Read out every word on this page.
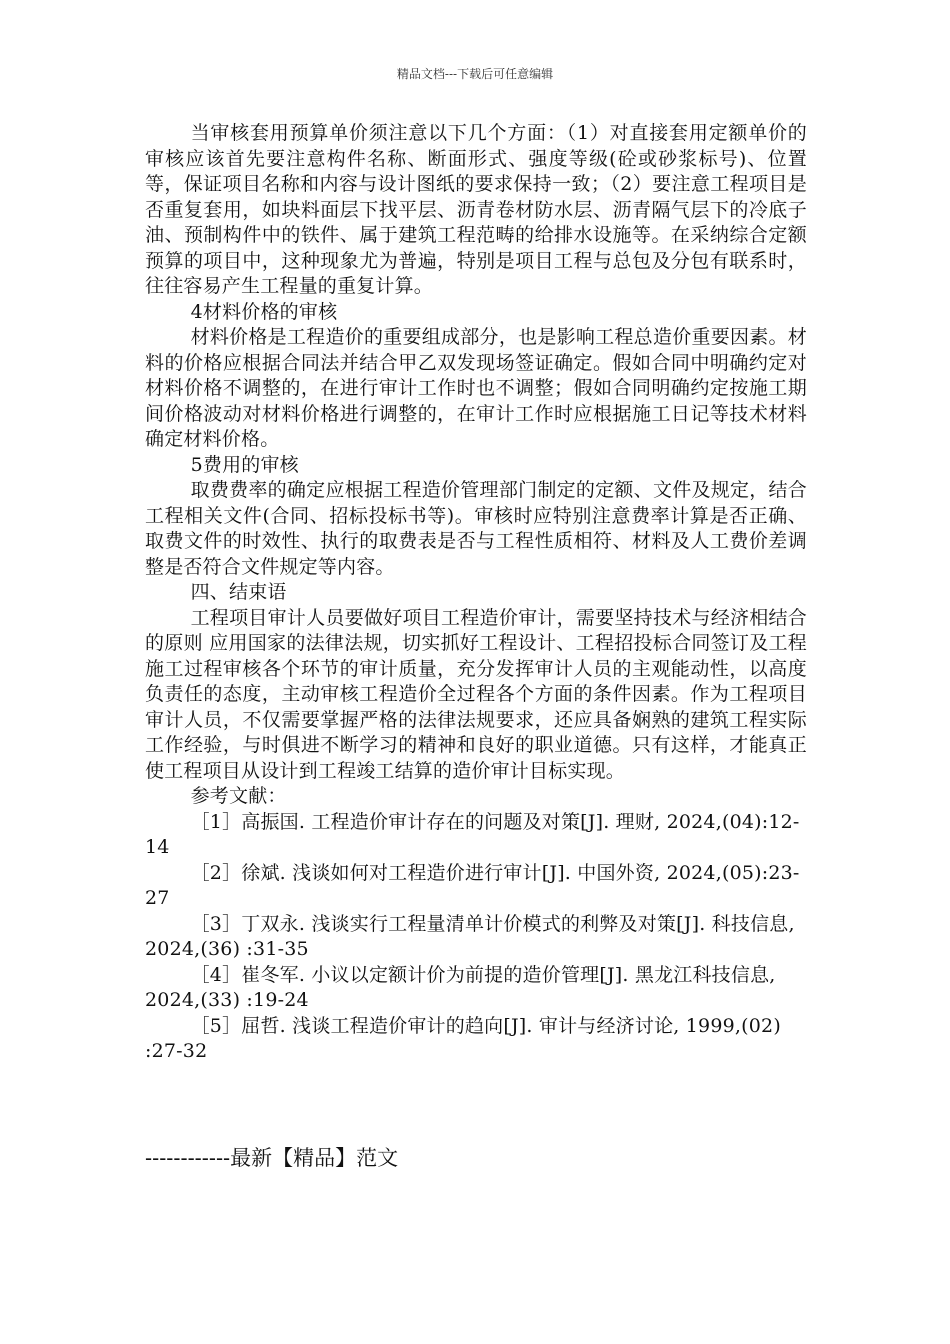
精品文档---下载后可任意编辑

当审核套用预算单价须注意以下几个方面：（1）对直接套用定额单价的审核应该首先要注意构件名称、断面形式、强度等级(砼或砂浆标号)、位置等，保证项目名称和内容与设计图纸的要求保持一致；（2）要注意工程项目是否重复套用，如块料面层下找平层、沥青卷材防水层、沥青隔气层下的冷底子油、预制构件中的铁件、属于建筑工程范畴的给排水设施等。在采纳综合定额预算的项目中，这种现象尤为普遍，特别是项目工程与总包及分包有联系时，往往容易产生工程量的重复计算。

4材料价格的审核

材料价格是工程造价的重要组成部分，也是影响工程总造价重要因素。材料的价格应根据合同法并结合甲乙双发现场签证确定。假如合同中明确约定对材料价格不调整的，在进行审计工作时也不调整；假如合同明确约定按施工期间价格波动对材料价格进行调整的，在审计工作时应根据施工日记等技术材料确定材料价格。

5费用的审核

取费费率的确定应根据工程造价管理部门制定的定额、文件及规定，结合工程相关文件(合同、招标投标书等)。审核时应特别注意费率计算是否正确、取费文件的时效性、执行的取费表是否与工程性质相符、材料及人工费价差调整是否符合文件规定等内容。

四、结束语

工程项目审计人员要做好项目工程造价审计，需要坚持技术与经济相结合的原则 应用国家的法律法规，切实抓好工程设计、工程招投标合同签订及工程施工过程审核各个环节的审计质量，充分发挥审计人员的主观能动性，以高度负责任的态度，主动审核工程造价全过程各个方面的条件因素。作为工程项目审计人员，不仅需要掌握严格的法律法规要求，还应具备娴熟的建筑工程实际工作经验，与时俱进不断学习的精神和良好的职业道德。只有这样，才能真正使工程项目从设计到工程竣工结算的造价审计目标实现。

参考文献：

［1］高振国. 工程造价审计存在的问题及对策[J]. 理财, 2024,(04):12-14

［2］徐斌. 浅谈如何对工程造价进行审计[J]. 中国外资, 2024,(05):23-27

［3］丁双永. 浅谈实行工程量清单计价模式的利弊及对策[J]. 科技信息, 2024,(36) :31-35

［4］崔冬军. 小议以定额计价为前提的造价管理[J]. 黑龙江科技信息, 2024,(33) :19-24

［5］屈哲. 浅谈工程造价审计的趋向[J]. 审计与经济讨论, 1999,(02) :27-32

------------最新【精品】范文
